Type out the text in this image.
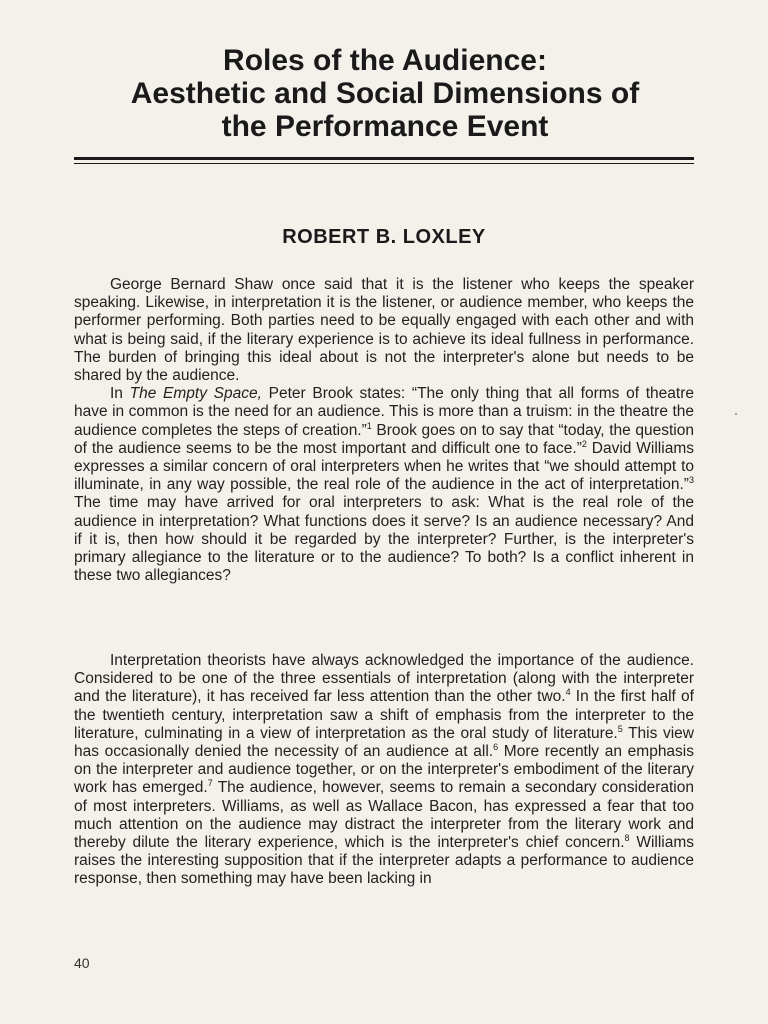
Roles of the Audience:
Aesthetic and Social Dimensions of
the Performance Event
ROBERT B. LOXLEY

George Bernard Shaw once said that it is the listener who keeps the speaker speaking. Likewise, in interpretation it is the listener, or audience member, who keeps the performer performing. Both parties need to be equally engaged with each other and with what is being said, if the literary experience is to achieve its ideal fullness in performance. The burden of bringing this ideal about is not the interpreter's alone but needs to be shared by the audience.

In The Empty Space, Peter Brook states: “The only thing that all forms of theatre have in common is the need for an audience. This is more than a truism: in the theatre the audience completes the steps of creation.”$^1$ Brook goes on to say that “today, the question of the audience seems to be the most important and difficult one to face.”$^2$ David Williams expresses a similar concern of oral interpreters when he writes that “we should attempt to illuminate, in any way possible, the real role of the audience in the act of interpretation.”$^3$ The time may have arrived for oral interpreters to ask: What is the real role of the audience in interpretation? What functions does it serve? Is an audience necessary? And if it is, then how should it be regarded by the interpreter? Further, is the interpreter's primary allegiance to the literature or to the audience? To both? Is a conflict inherent in these two allegiances?

Interpretation theorists have always acknowledged the importance of the audience. Considered to be one of the three essentials of interpretation (along with the interpreter and the literature), it has received far less attention than the other two.$^4$ In the first half of the twentieth century, interpretation saw a shift of emphasis from the interpreter to the literature, culminating in a view of interpretation as the oral study of literature.$^5$ This view has occasionally denied the necessity of an audience at all.$^6$ More recently an emphasis on the interpreter and audience together, or on the interpreter's embodiment of the literary work has emerged.$^7$ The audience, however, seems to remain a secondary consideration of most interpreters. Williams, as well as Wallace Bacon, has expressed a fear that too much attention on the audience may distract the interpreter from the literary work and thereby dilute the literary experience, which is the interpreter's chief concern.$^8$ Williams raises the interesting supposition that if the interpreter adapts a performance to audience response, then something may have been lacking in

40
